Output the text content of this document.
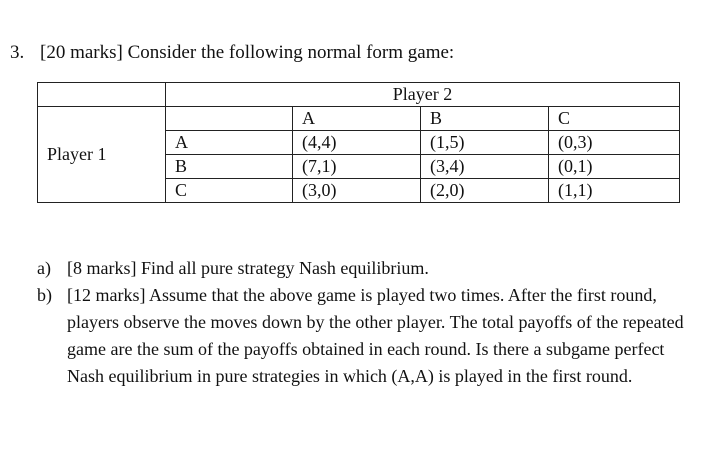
3. [20 marks] Consider the following normal form game:
	Player 2			
Player 1		A	B	C
	A	(4,4)	(1,5)	(0,3)
	B	(7,1)	(3,4)	(0,1)
	C	(3,0)	(2,0)	(1,1)
a) [8 marks] Find all pure strategy Nash equilibrium.
b) [12 marks] Assume that the above game is played two times. After the first round, players observe the moves down by the other player. The total payoffs of the repeated game are the sum of the payoffs obtained in each round. Is there a subgame perfect Nash equilibrium in pure strategies in which (A,A) is played in the first round.
